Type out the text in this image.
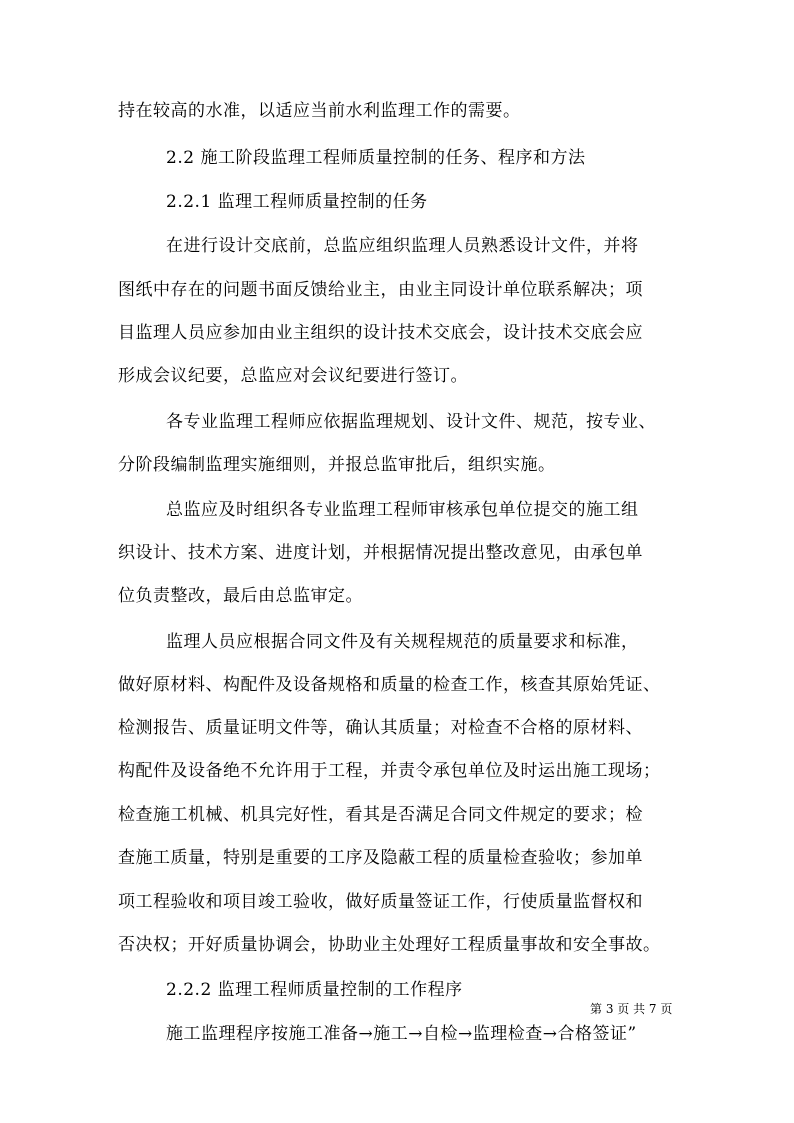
持在较高的水准，以适应当前水利监理工作的需要。
2.2 施工阶段监理工程师质量控制的任务、程序和方法
2.2.1 监理工程师质量控制的任务
在进行设计交底前，总监应组织监理人员熟悉设计文件，并将
图纸中存在的问题书面反馈给业主，由业主同设计单位联系解决；项
目监理人员应参加由业主组织的设计技术交底会，设计技术交底会应
形成会议纪要，总监应对会议纪要进行签订。
各专业监理工程师应依据监理规划、设计文件、规范，按专业、
分阶段编制监理实施细则，并报总监审批后，组织实施。
总监应及时组织各专业监理工程师审核承包单位提交的施工组
织设计、技术方案、进度计划，并根据情况提出整改意见，由承包单
位负责整改，最后由总监审定。
监理人员应根据合同文件及有关规程规范的质量要求和标准，
做好原材料、构配件及设备规格和质量的检查工作，核查其原始凭证、
检测报告、质量证明文件等，确认其质量；对检查不合格的原材料、
构配件及设备绝不允许用于工程，并责令承包单位及时运出施工现场；
检查施工机械、机具完好性，看其是否满足合同文件规定的要求；检
查施工质量，特别是重要的工序及隐蔽工程的质量检查验收；参加单
项工程验收和项目竣工验收，做好质量签证工作，行使质量监督权和
否决权；开好质量协调会，协助业主处理好工程质量事故和安全事故。
2.2.2 监理工程师质量控制的工作程序
施工监理程序按施工准备→施工→自检→监理检查→合格签证”
第 3 页 共 7 页
